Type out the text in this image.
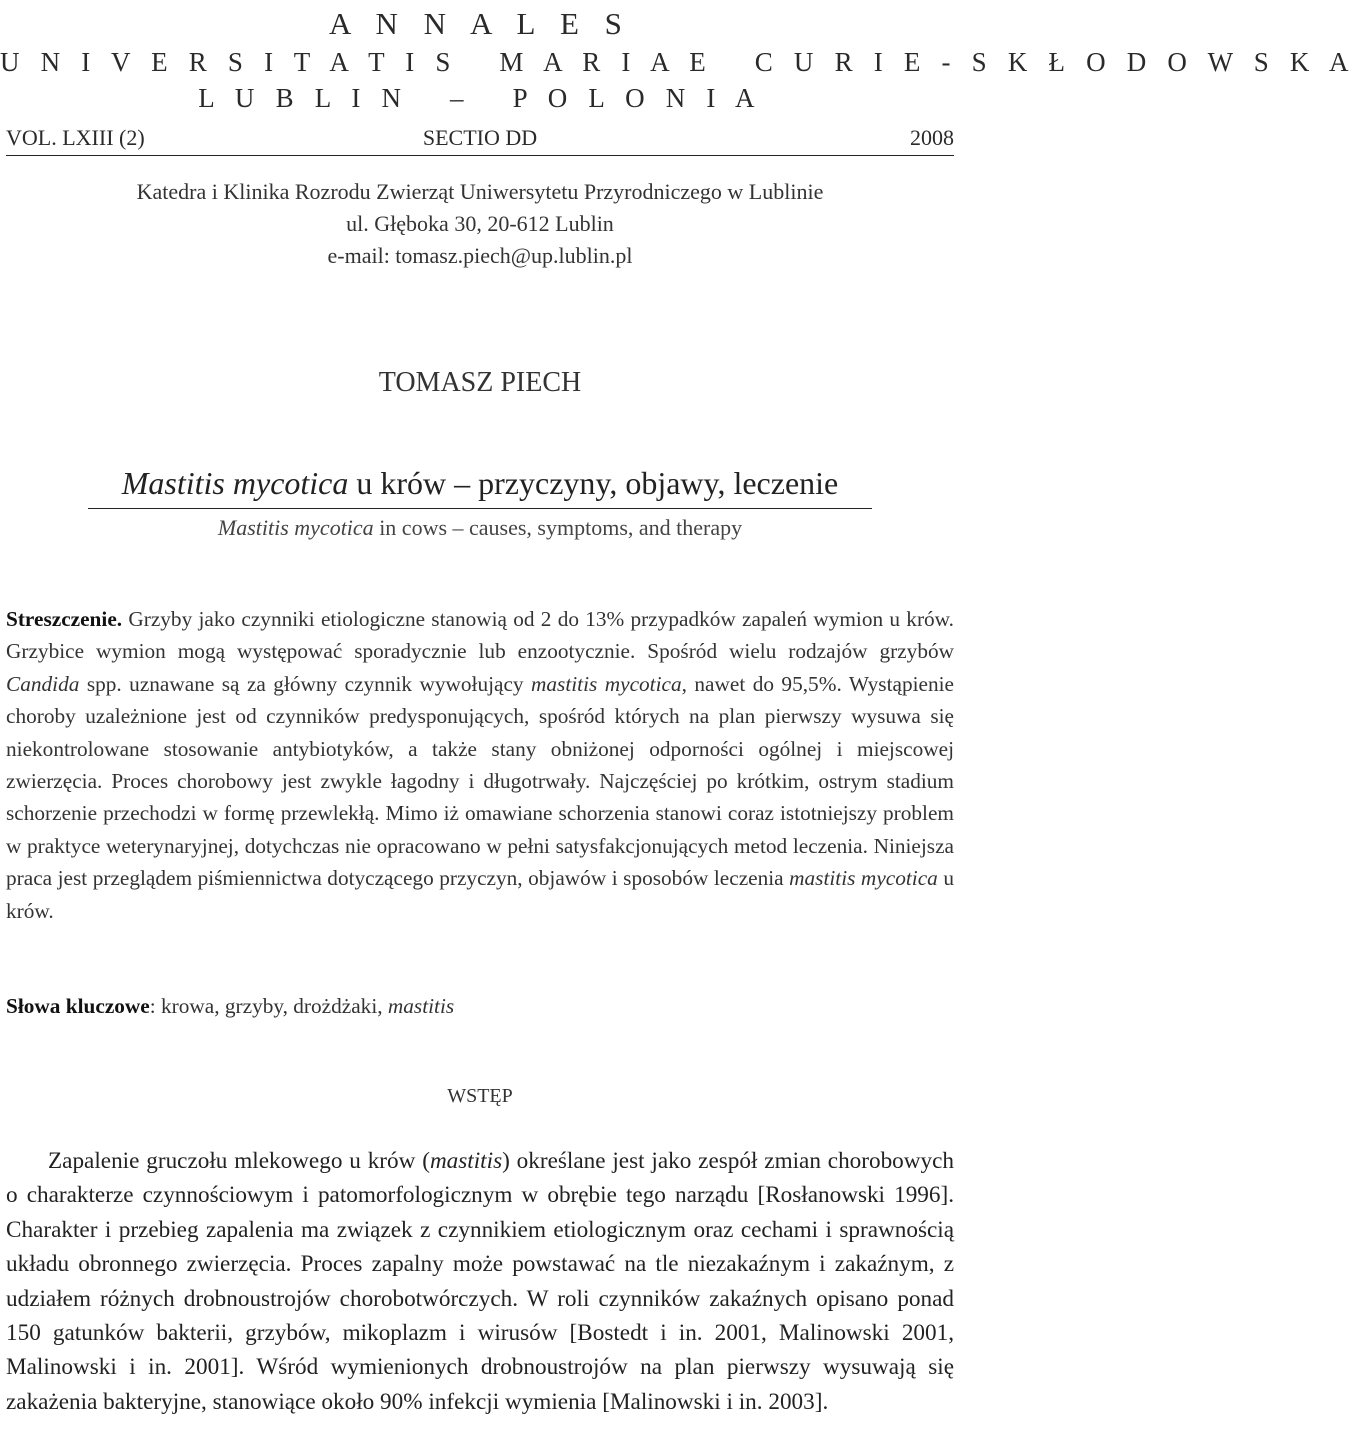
A N N A L E S
U N I V E R S I T A T I S   M A R I A E   C U R I E - S K Ł O D O W S K A
L U B L I N   –   P O L O N I A
VOL. LXIII (2)	SECTIO DD	2008
Katedra i Klinika Rozrodu Zwierząt Uniwersytetu Przyrodniczego w Lublinie
ul. Głęboka 30, 20-612 Lublin
e-mail: tomasz.piech@up.lublin.pl
TOMASZ PIECH
Mastitis mycotica u krów – przyczyny, objawy, leczenie
Mastitis mycotica in cows – causes, symptoms, and therapy

Streszczenie. Grzyby jako czynniki etiologiczne stanowią od 2 do 13% przypadków zapaleń wymion u krów. Grzybice wymion mogą występować sporadycznie lub enzootycznie. Spośród wielu rodzajów grzybów Candida spp. uznawane są za główny czynnik wywołujący mastitis mycotica, nawet do 95,5%. Wystąpienie choroby uzależnione jest od czynników predysponujących, spośród których na plan pierwszy wysuwa się niekontrolowane stosowanie antybiotyków, a także stany obniżonej odporności ogólnej i miejscowej zwierzęcia. Proces chorobowy jest zwykle łagodny i długotrwały. Najczęściej po krótkim, ostrym stadium schorzenie przechodzi w formę przewlekłą. Mimo iż omawiane schorzenia stanowi coraz istotniejszy problem w praktyce weterynaryjnej, dotychczas nie opracowano w pełni satysfakcjonujących metod leczenia. Niniejsza praca jest przeglądem piśmiennictwa dotyczącego przyczyn, objawów i sposobów leczenia mastitis mycotica u krów.

Słowa kluczowe: krowa, grzyby, drożdżaki, mastitis
WSTĘP

Zapalenie gruczołu mlekowego u krów (mastitis) określane jest jako zespół zmian chorobowych o charakterze czynnościowym i patomorfologicznym w obrębie tego narządu [Rosłanowski 1996]. Charakter i przebieg zapalenia ma związek z czynnikiem etiologicznym oraz cechami i sprawnością układu obronnego zwierzęcia. Proces zapalny może powstawać na tle niezakaźnym i zakaźnym, z udziałem różnych drobnoustrojów chorobotwórczych. W roli czynników zakaźnych opisano ponad 150 gatunków bakterii, grzybów, mikoplazm i wirusów [Bostedt i in. 2001, Malinowski 2001, Malinowski i in. 2001]. Wśród wymienionych drobnoustrojów na plan pierwszy wysuwają się zakażenia bakteryjne, stanowiące około 90% infekcji wymienia [Malinowski i in. 2003].
